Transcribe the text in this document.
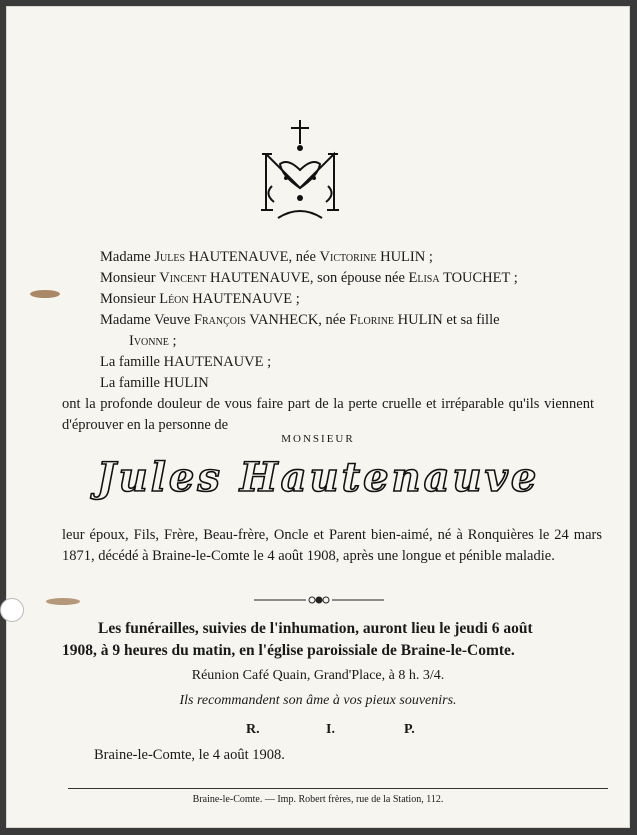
Madame Jules HAUTENAUVE, née Victorine HULIN ;
Monsieur Vincent HAUTENAUVE, son épouse née Elisa TOUCHET ;
Monsieur Léon HAUTENAUVE ;
Madame Veuve François VANHECK, née Florine HULIN et sa fille
Ivonne ;
La famille HAUTENAUVE ;
La famille HULIN
ont la profonde douleur de vous faire part de la perte cruelle et irréparable qu'ils viennent d'éprouver en la personne de
MONSIEUR
Jules Hautenauve
leur époux, Fils, Frère, Beau-frère, Oncle et Parent bien-aimé, né à Ronquières le 24 mars 1871, décédé à Braine-le-Comte le 4 août 1908, après une longue et pénible maladie.
Les funérailles, suivies de l'inhumation, auront lieu le jeudi 6 août
1908, à 9 heures du matin, en l'église paroissiale de Braine-le-Comte.
Réunion Café Quain, Grand'Place, à 8 h. 3/4.
Ils recommandent son âme à vos pieux souvenirs.
R.	I.	P.
Braine-le-Comte, le 4 août 1908.
Braine-le-Comte. — Imp. Robert frères, rue de la Station, 112.
